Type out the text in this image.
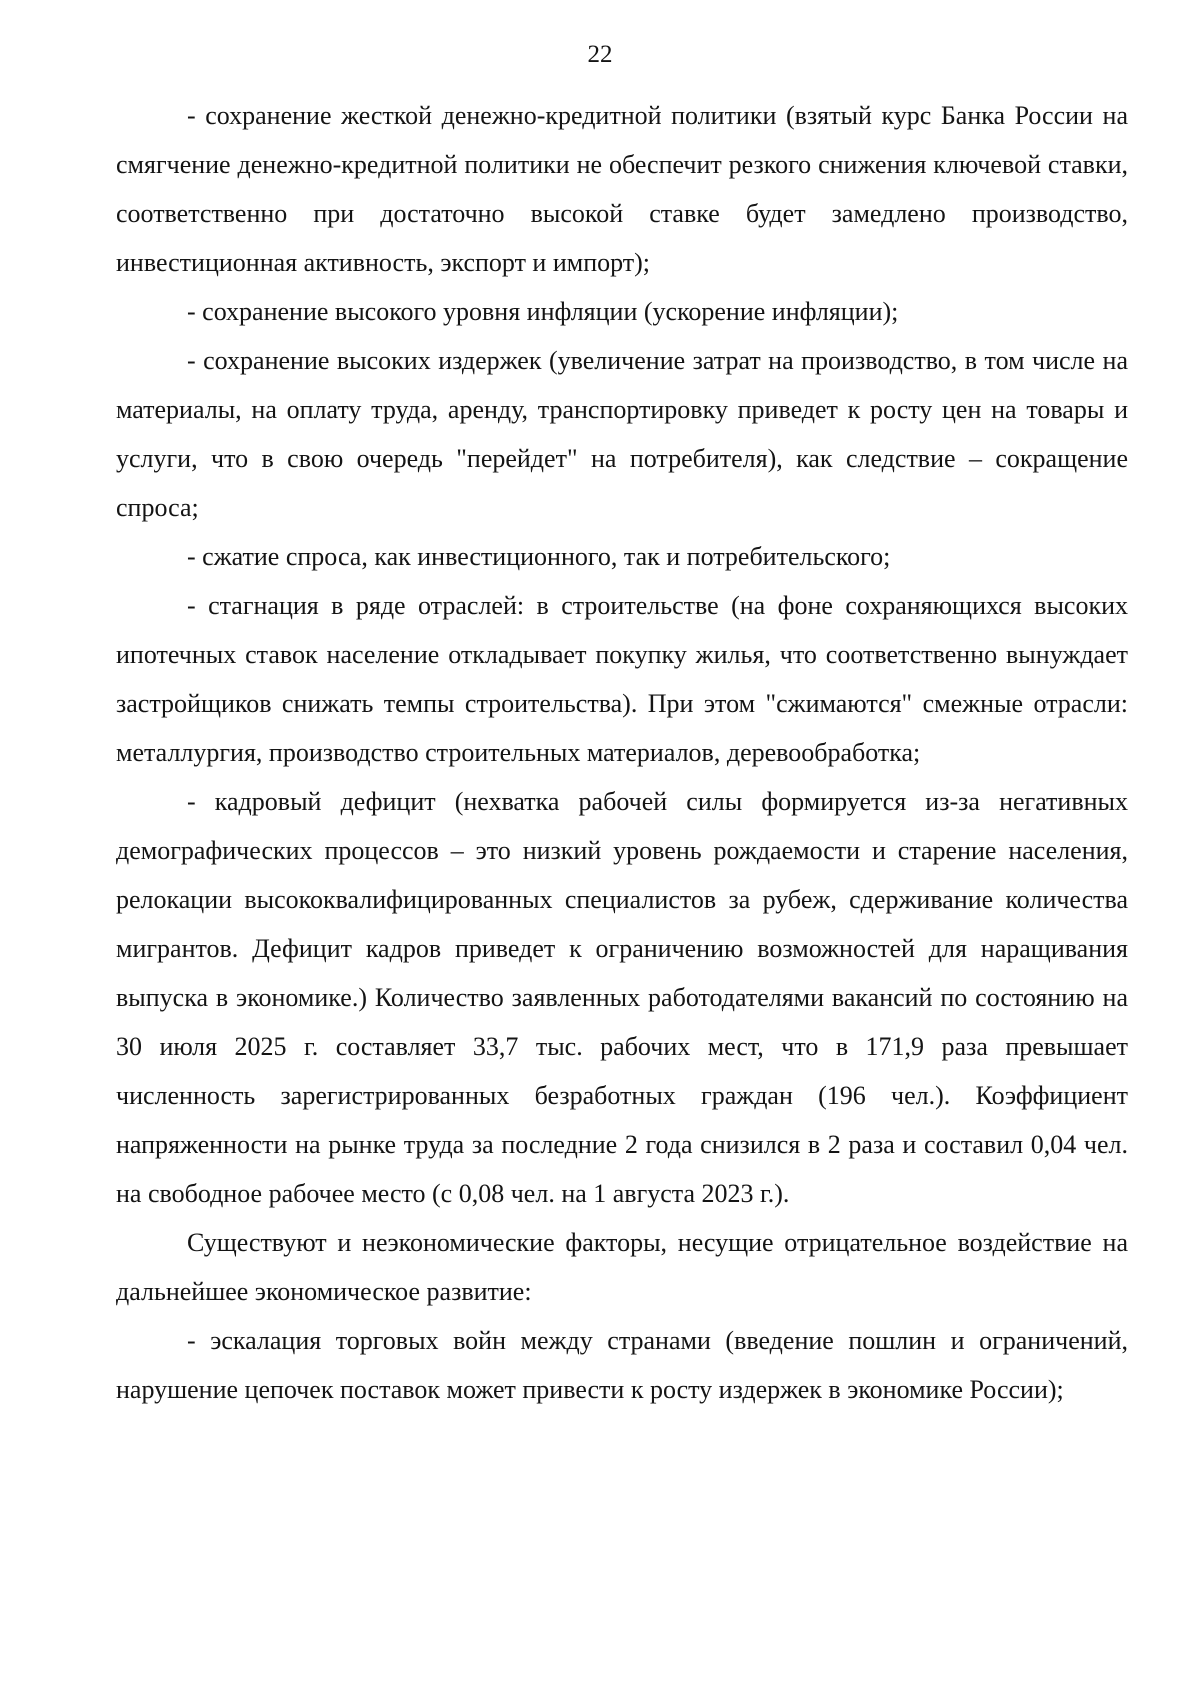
22

- сохранение жесткой денежно-кредитной политики (взятый курс Банка России на смягчение денежно-кредитной политики не обеспечит резкого снижения ключевой ставки, соответственно при достаточно высокой ставке будет замедлено производство, инвестиционная активность, экспорт и импорт);

- сохранение высокого уровня инфляции (ускорение инфляции);

- сохранение высоких издержек (увеличение затрат на производство, в том числе на материалы, на оплату труда, аренду, транспортировку приведет к росту цен на товары и услуги, что в свою очередь "перейдет" на потребителя), как следствие – сокращение спроса;

- сжатие спроса, как инвестиционного, так и потребительского;

- стагнация в ряде отраслей: в строительстве (на фоне сохраняющихся высоких ипотечных ставок население откладывает покупку жилья, что соответственно вынуждает застройщиков снижать темпы строительства). При этом "сжимаются" смежные отрасли: металлургия, производство строительных материалов, деревообработка;

- кадровый дефицит (нехватка рабочей силы формируется из-за негативных демографических процессов – это низкий уровень рождаемости и старение населения, релокации высококвалифицированных специалистов за рубеж, сдерживание количества мигрантов. Дефицит кадров приведет к ограничению возможностей для наращивания выпуска в экономике.) Количество заявленных работодателями вакансий по состоянию на 30 июля 2025 г. составляет 33,7 тыс. рабочих мест, что в 171,9 раза превышает численность зарегистрированных безработных граждан (196 чел.). Коэффициент напряженности на рынке труда за последние 2 года снизился в 2 раза и составил 0,04 чел. на свободное рабочее место (с 0,08 чел. на 1 августа 2023 г.).

Существуют и неэкономические факторы, несущие отрицательное воздействие на дальнейшее экономическое развитие:

- эскалация торговых войн между странами (введение пошлин и ограничений, нарушение цепочек поставок может привести к росту издержек в экономике России);
